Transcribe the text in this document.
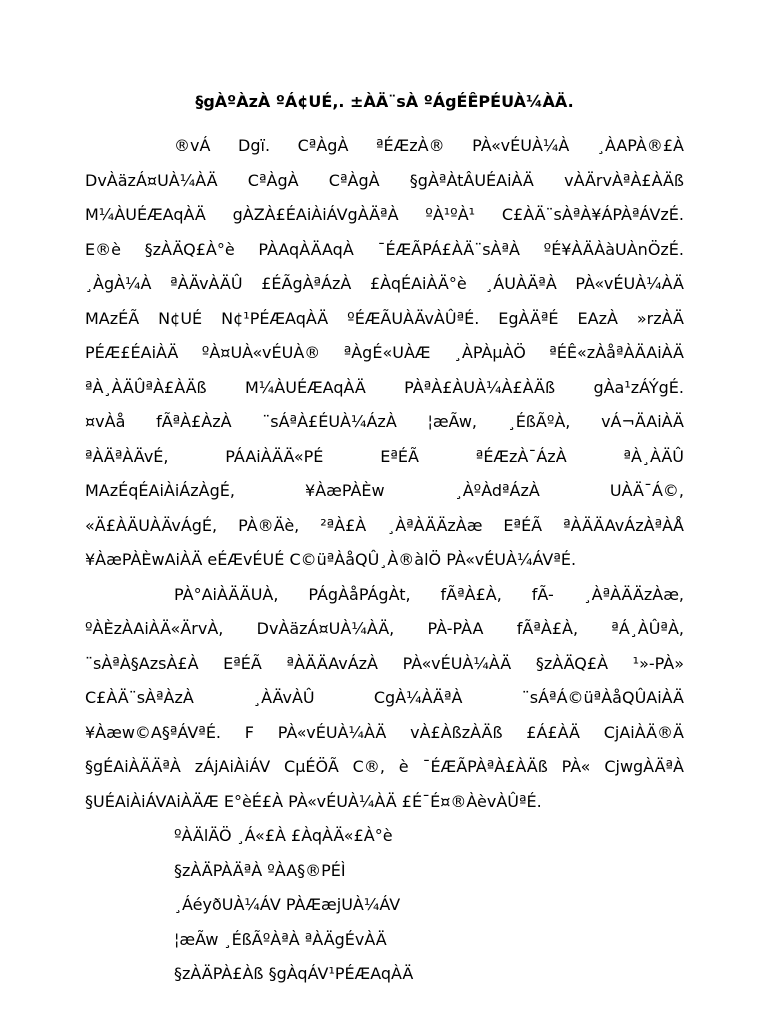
§gÀºÀzÀ ºÁ¢UÉ,. ±ÀÄ¨sÀ ºÁgÉÊPÉUÀ¼ÀÄ.
®vÁ Dgï. CªÀgÀ ªÉÆzÀ® PÀ«vÉUÀ¼À ¸ÀAPÀ®£À
DvÀäzÁ¤UÀ¼ÀÄ CªÀgÀ CªÀgÀ §gÀªÀtÂUÉAiÀÄ vÀÄrvÀªÀ£ÀÄß
M¼ÀUÉÆAqÀÄ gÀZÀ£ÉAiÀiÁVgÀÄªÀ ºÀ¹ºÀ¹ C£ÀÄ¨sÀªÀ¥ÁPÀªÁVzÉ.
E®è §zÀÄQ£À°è PÀAqÀÄAqÀ ¯ÉÆÃPÁ£ÀÄ¨sÀªÀ ºÉ¥ÀÄÀàUÀnÖzÉ.
¸ÀgÀ¼À ªÀÄvÀÄÛ £ÉÃgÀªÁzÀ £ÀqÉAiÀÄ°è ¸ÁUÀÄªÀ PÀ«vÉUÀ¼ÀÄ
MAzÉÃ N¢UÉ N¢¹PÉÆAqÀÄ ºÉÆÃUÀÄvÀÛªÉ. EgÀÄªÉ EAzÀ »rzÀÄ
PÉÆ£ÉAiÀÄ ºÀ¤UÀ«vÉUÀ® ªÀgÉ«UÀÆ ¸ÀPÀµÀÖ ªÉÊ«zÀåªÀÄAiÀÄ
ªÀ¸ÀÄÛªÀ£ÀÄß M¼ÀUÉÆAqÀÄ PÀªÀ£ÀUÀ¼À£ÀÄß gÀa¹zÁÝgÉ.
¤vÀå fÃªÀ£ÀzÀ ¨sÁªÀ£ÉUÀ¼ÁzÀ ¦æÃw, ¸ÉßÃºÀ, vÁ¬ÄAiÀÄ
ªÀÄªÀÄvÉ, PÁAiÀÄÄ«PÉ EªÉÃ ªÉÆzÀ¯ÁzÀ ªÀ¸ÀÄÛ
MAzÉqÉAiÀiÁzÀgÉ, ¥ÀæPÀÈw ¸ÀºÀdªÁzÀ UÀÄ¯Á©,
«Ä£ÀÄUÀÄvÁgÉ, PÀ®Äè, ²ªÀ£À ¸ÀªÀÄÄzÀæ EªÉÃ ªÀÄÄAvÁzÀªÀÅ
¥ÀæPÀÈwAiÀÄ eÉÆvÉUÉ C©üªÀåQÛ¸À®àlÖ PÀ«vÉUÀ¼ÁVªÉ.
PÀ°AiÀÄÄUÀ, PÁgÀåPÁgÀt, fÃªÀ£À, fÃ- ¸ÀªÀÄÄzÀæ,
ºÀÈzÀAiÀÄ«ÄrvÀ, DvÀäzÁ¤UÀ¼ÀÄ, PÀ-PÀA fÃªÀ£À, ªÁ¸ÀÛªÀ,
¨sÀªÀ§AzsÀ£À EªÉÃ ªÀÄÄAvÁzÀ PÀ«vÉUÀ¼ÀÄ §zÀÄQ£À ¹»-PÀ»
C£ÀÄ¨sÀªÀzÀ ¸ÀÄvÀÛ CgÀ¼ÀÄªÀ ¨sÁªÁ©üªÀåQÛAiÀÄ
¥Àæw©A§ªÁVªÉ. F PÀ«vÉUÀ¼ÀÄ vÀ£ÀßzÀÄß £Á£ÀÄ CjAiÀÄ®Ä
§gÉAiÀÄÄªÀ zÁjAiÀiÁV CµÉÖÃ C®, è ¯ÉÆÃPÀªÀ£ÀÄß PÀ« CjwgÀÄªÀ
§UÉAiÀiÁVAiÀÄÆ E°èÉ£À PÀ«vÉUÀ¼ÀÄ £É¯É¤®ÀèvÀÛªÉ.
ºÀÄlÄÖ ¸Á«£À £ÀqÀÄ«£À°è
§zÀÄPÀÄªÀ ºÀA§®PÉÌ
¸ÁéyðUÀ¼ÁV PÀÆæjUÀ¼ÁV
¦æÃw ¸ÉßÃºÀªÀ ªÀÄgÉvÀÄ
§zÀÄPÀ£Àß §gÀqÁV¹PÉÆAqÀÄ
